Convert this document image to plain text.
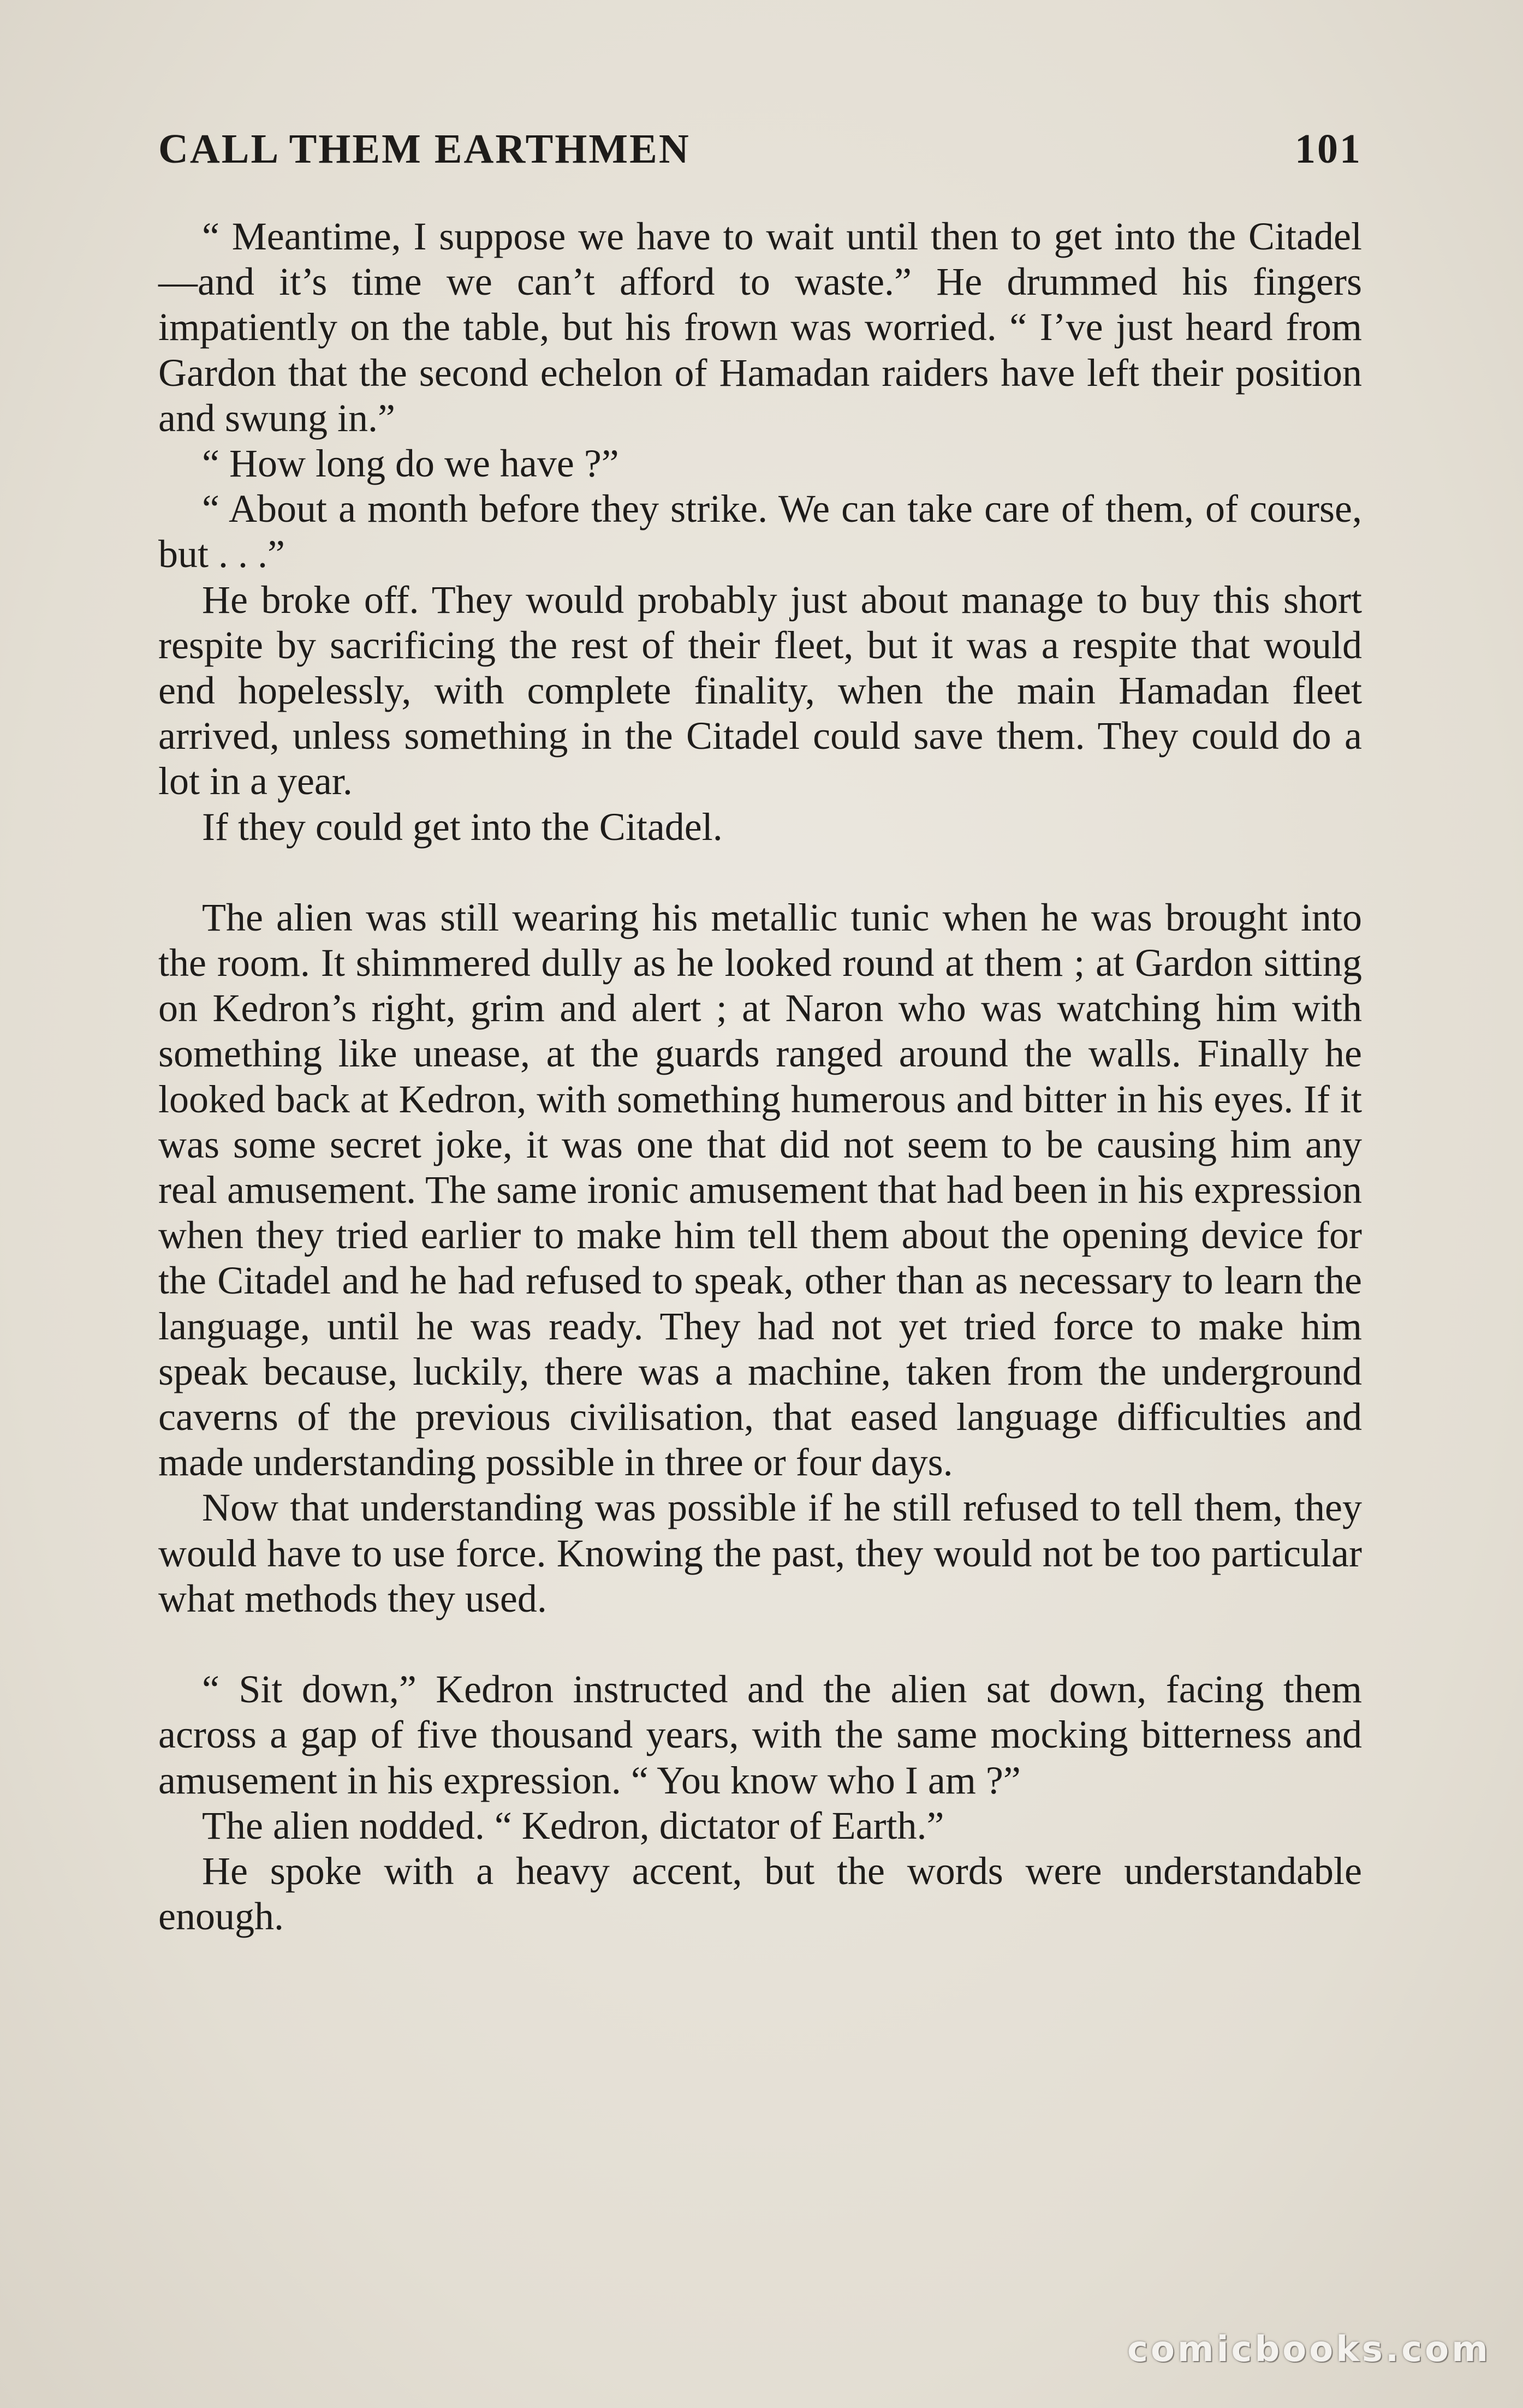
CALL THEM EARTHMEN	101

“ Meantime, I suppose we have to wait until then to get into the Citadel—and it’s time we can’t afford to waste.” He drummed his fingers impatiently on the table, but his frown was worried. “ I’ve just heard from Gardon that the second echelon of Hamadan raiders have left their position and swung in.”

“ How long do we have ?”

“ About a month before they strike. We can take care of them, of course, but . . .”

He broke off. They would probably just about manage to buy this short respite by sacrificing the rest of their fleet, but it was a respite that would end hopelessly, with complete finality, when the main Hamadan fleet arrived, unless something in the Citadel could save them. They could do a lot in a year.

If they could get into the Citadel.

The alien was still wearing his metallic tunic when he was brought into the room. It shimmered dully as he looked round at them ; at Gardon sitting on Kedron’s right, grim and alert ; at Naron who was watching him with something like unease, at the guards ranged around the walls. Finally he looked back at Kedron, with something humerous and bitter in his eyes. If it was some secret joke, it was one that did not seem to be causing him any real amusement. The same ironic amusement that had been in his expression when they tried earlier to make him tell them about the opening device for the Citadel and he had refused to speak, other than as necessary to learn the language, until he was ready. They had not yet tried force to make him speak because, luckily, there was a machine, taken from the underground caverns of the previous civilisation, that eased language difficulties and made understanding possible in three or four days.

Now that understanding was possible if he still refused to tell them, they would have to use force. Knowing the past, they would not be too particular what methods they used.

“ Sit down,” Kedron instructed and the alien sat down, facing them across a gap of five thousand years, with the same mocking bitterness and amusement in his expression. “ You know who I am ?”

The alien nodded. “ Kedron, dictator of Earth.”

He spoke with a heavy accent, but the words were understandable enough.

comicbooks.com
